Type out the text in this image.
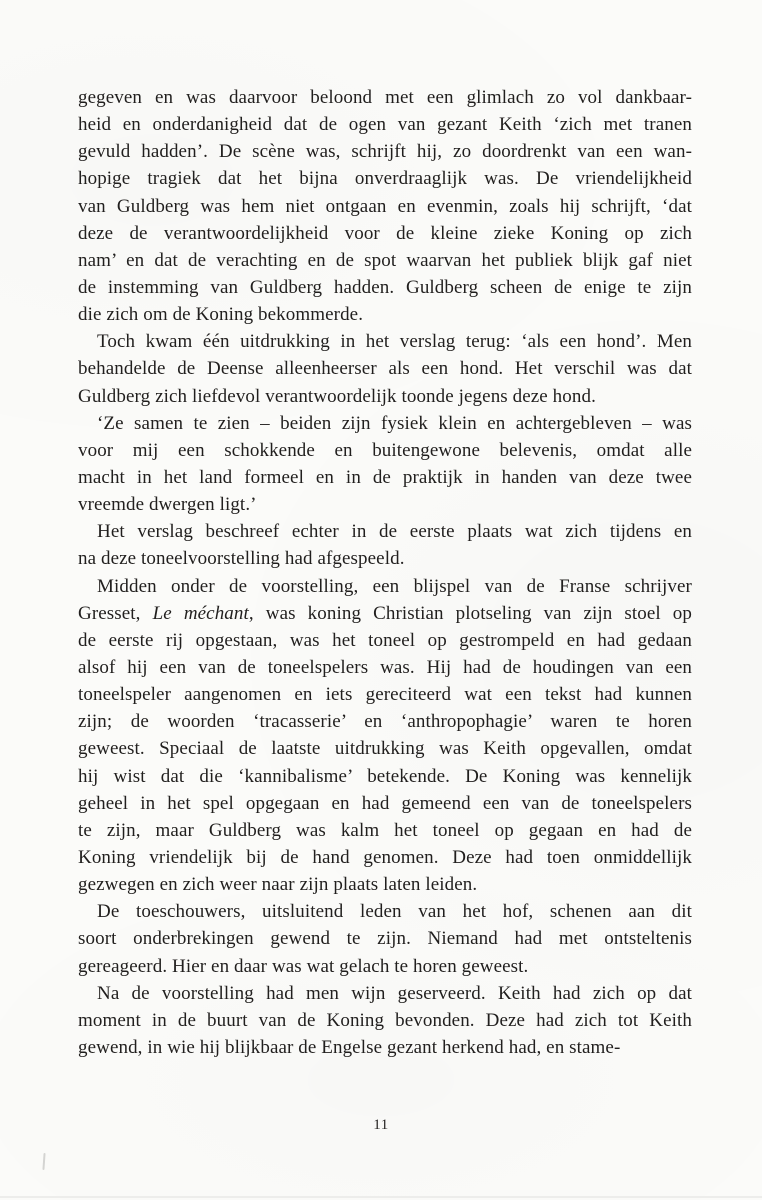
gegeven en was daarvoor beloond met een glimlach zo vol dankbaar-
heid en onderdanigheid dat de ogen van gezant Keith ‘zich met tranen
gevuld hadden’. De scène was, schrijft hij, zo doordrenkt van een wan-
hopige tragiek dat het bijna onverdraaglijk was. De vriendelijkheid
van Guldberg was hem niet ontgaan en evenmin, zoals hij schrijft, ‘dat
deze de verantwoordelijkheid voor de kleine zieke Koning op zich
nam’ en dat de verachting en de spot waarvan het publiek blijk gaf niet
de instemming van Guldberg hadden. Guldberg scheen de enige te zijn
die zich om de Koning bekommerde.
Toch kwam één uitdrukking in het verslag terug: ‘als een hond’. Men
behandelde de Deense alleenheerser als een hond. Het verschil was dat
Guldberg zich liefdevol verantwoordelijk toonde jegens deze hond.
‘Ze samen te zien – beiden zijn fysiek klein en achtergebleven – was
voor mij een schokkende en buitengewone belevenis, omdat alle
macht in het land formeel en in de praktijk in handen van deze twee
vreemde dwergen ligt.’
Het verslag beschreef echter in de eerste plaats wat zich tijdens en
na deze toneelvoorstelling had afgespeeld.
Midden onder de voorstelling, een blijspel van de Franse schrijver
Gresset, Le méchant, was koning Christian plotseling van zijn stoel op
de eerste rij opgestaan, was het toneel op gestrompeld en had gedaan
alsof hij een van de toneelspelers was. Hij had de houdingen van een
toneelspeler aangenomen en iets gereciteerd wat een tekst had kunnen
zijn; de woorden ‘tracasserie’ en ‘anthropophagie’ waren te horen
geweest. Speciaal de laatste uitdrukking was Keith opgevallen, omdat
hij wist dat die ‘kannibalisme’ betekende. De Koning was kennelijk
geheel in het spel opgegaan en had gemeend een van de toneelspelers
te zijn, maar Guldberg was kalm het toneel op gegaan en had de
Koning vriendelijk bij de hand genomen. Deze had toen onmiddellijk
gezwegen en zich weer naar zijn plaats laten leiden.
De toeschouwers, uitsluitend leden van het hof, schenen aan dit
soort onderbrekingen gewend te zijn. Niemand had met ontsteltenis
gereageerd. Hier en daar was wat gelach te horen geweest.
Na de voorstelling had men wijn geserveerd. Keith had zich op dat
moment in de buurt van de Koning bevonden. Deze had zich tot Keith
gewend, in wie hij blijkbaar de Engelse gezant herkend had, en stame-
11
